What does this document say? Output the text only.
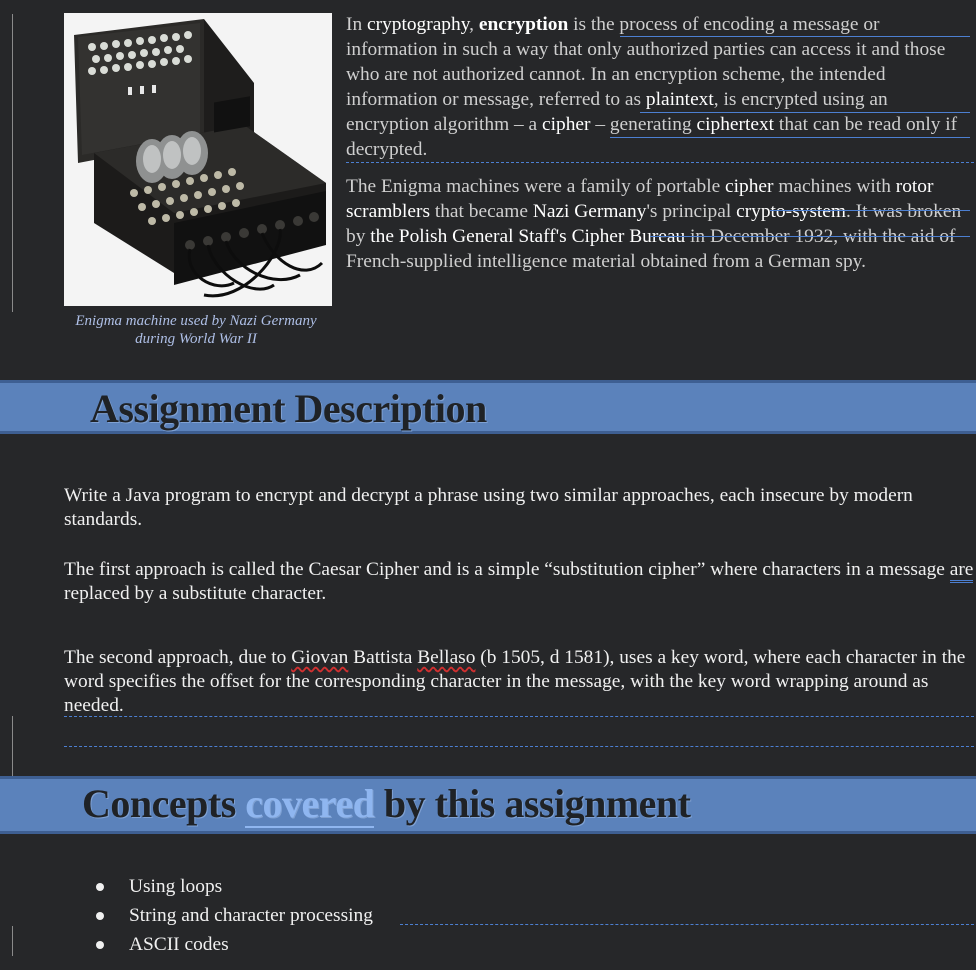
Enigma machine used by Nazi Germany
during World War II

In cryptography, encryption is the process of encoding a message or information in such a way that only authorized parties can access it and those who are not authorized cannot. In an encryption scheme, the intended information or message, referred to as plaintext, is encrypted using an encryption algorithm – a cipher – generating ciphertext that can be read only if decrypted.

The Enigma machines were a family of portable cipher machines with rotor scramblers that became Nazi Germany's principal crypto-system. It was broken by the Polish General Staff's Cipher Bureau in December 1932, with the aid of French-supplied intelligence material obtained from a German spy.

Assignment Description

Write a Java program to encrypt and decrypt a phrase using two similar approaches, each insecure by modern standards.

The first approach is called the Caesar Cipher and is a simple “substitution cipher” where characters in a message are replaced by a substitute character.

The second approach, due to Giovan Battista Bellaso (b 1505, d 1581), uses a key word, where each character in the word specifies the offset for the corresponding character in the message, with the key word wrapping around as needed.

Concepts covered by this assignment
Using loops
String and character processing
ASCII codes
